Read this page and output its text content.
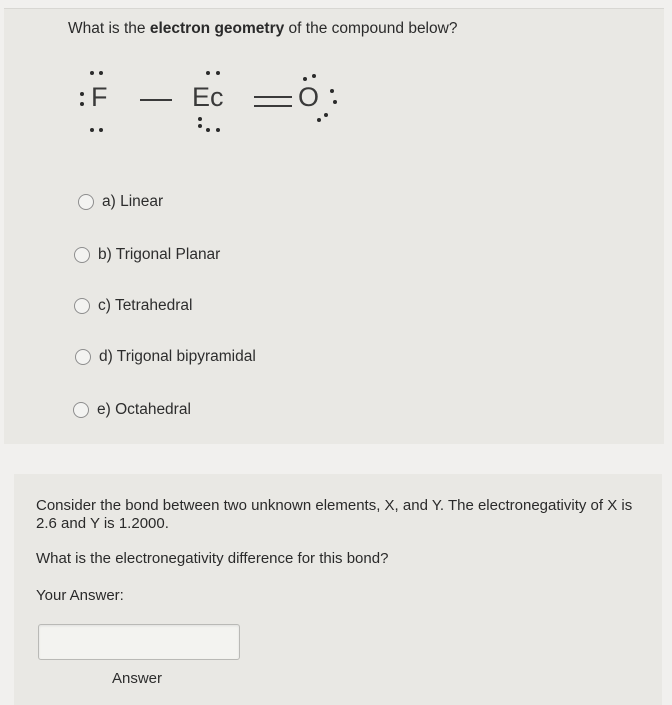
What is the electron geometry of the compound below?
F	Ec	O
a) Linear
b) Trigonal Planar
c) Tetrahedral
d) Trigonal bipyramidal
e) Octahedral
Consider the bond between two unknown elements, X, and Y. The electronegativity of X is 2.6 and Y is 1.2000.
What is the electronegativity difference for this bond?
Your Answer:
Answer
